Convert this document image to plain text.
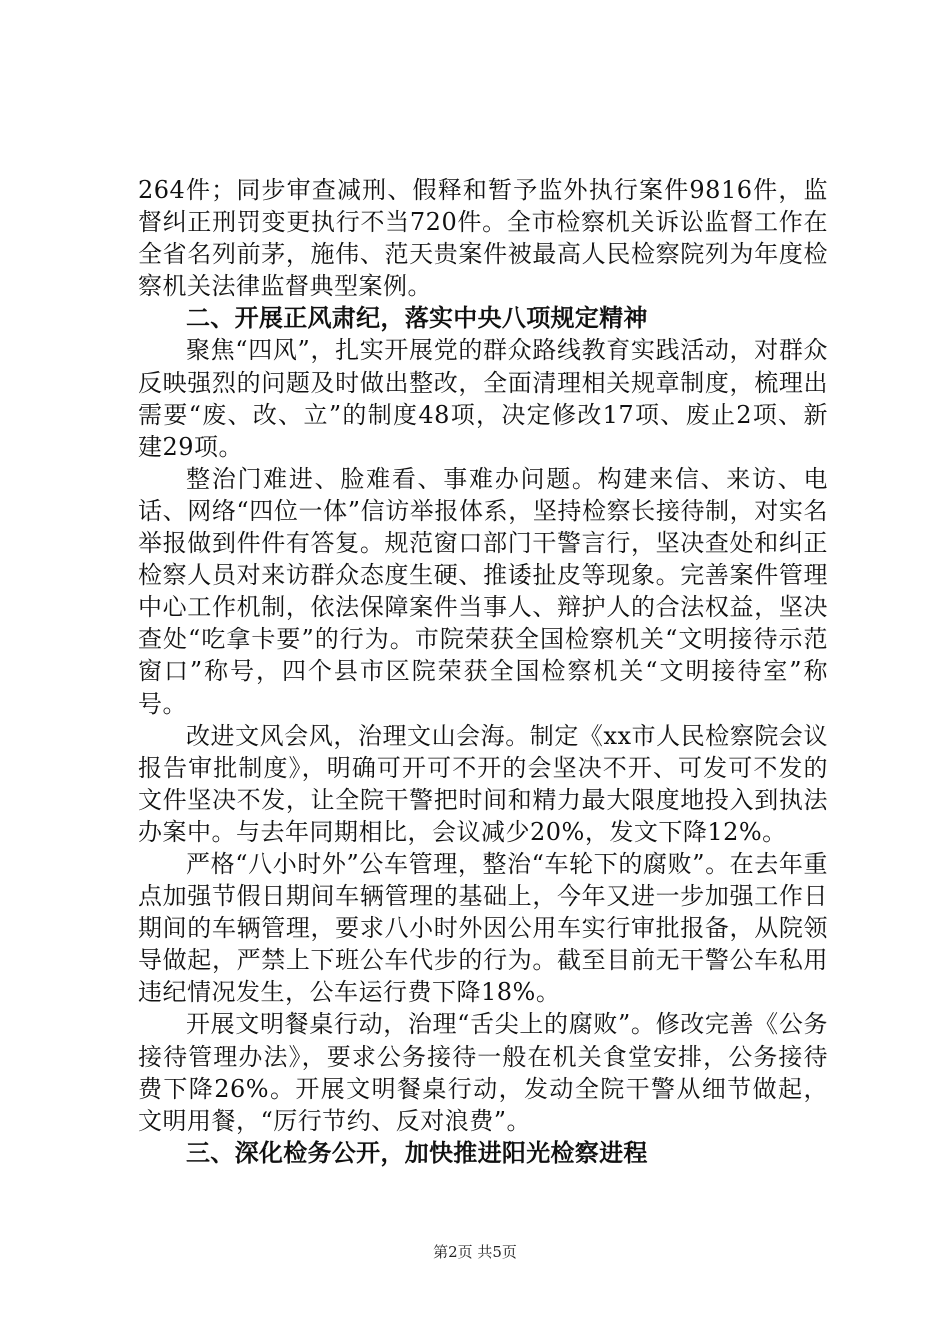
264件；同步审查减刑、假释和暂予监外执行案件9816件，监督纠正刑罚变更执行不当720件。全市检察机关诉讼监督工作在全省名列前茅，施伟、范天贵案件被最高人民检察院列为年度检察机关法律监督典型案例。

二、开展正风肃纪，落实中央八项规定精神

聚焦“四风”，扎实开展党的群众路线教育实践活动，对群众反映强烈的问题及时做出整改，全面清理相关规章制度，梳理出需要“废、改、立”的制度48项，决定修改17项、废止2项、新建29项。

整治门难进、脸难看、事难办问题。构建来信、来访、电话、网络“四位一体”信访举报体系，坚持检察长接待制，对实名举报做到件件有答复。规范窗口部门干警言行，坚决查处和纠正检察人员对来访群众态度生硬、推诿扯皮等现象。完善案件管理中心工作机制，依法保障案件当事人、辩护人的合法权益，坚决查处“吃拿卡要”的行为。市院荣获全国检察机关“文明接待示范窗口”称号，四个县市区院荣获全国检察机关“文明接待室”称号。

改进文风会风，治理文山会海。制定《xx市人民检察院会议报告审批制度》，明确可开可不开的会坚决不开、可发可不发的文件坚决不发，让全院干警把时间和精力最大限度地投入到执法办案中。与去年同期相比，会议减少20%，发文下降12%。

严格“八小时外”公车管理，整治“车轮下的腐败”。在去年重点加强节假日期间车辆管理的基础上，今年又进一步加强工作日期间的车辆管理，要求八小时外因公用车实行审批报备，从院领导做起，严禁上下班公车代步的行为。截至目前无干警公车私用违纪情况发生，公车运行费下降18%。

开展文明餐桌行动，治理“舌尖上的腐败”。修改完善《公务接待管理办法》，要求公务接待一般在机关食堂安排，公务接待费下降26%。开展文明餐桌行动，发动全院干警从细节做起，文明用餐，“厉行节约、反对浪费”。

三、深化检务公开，加快推进阳光检察进程

第2页 共5页
